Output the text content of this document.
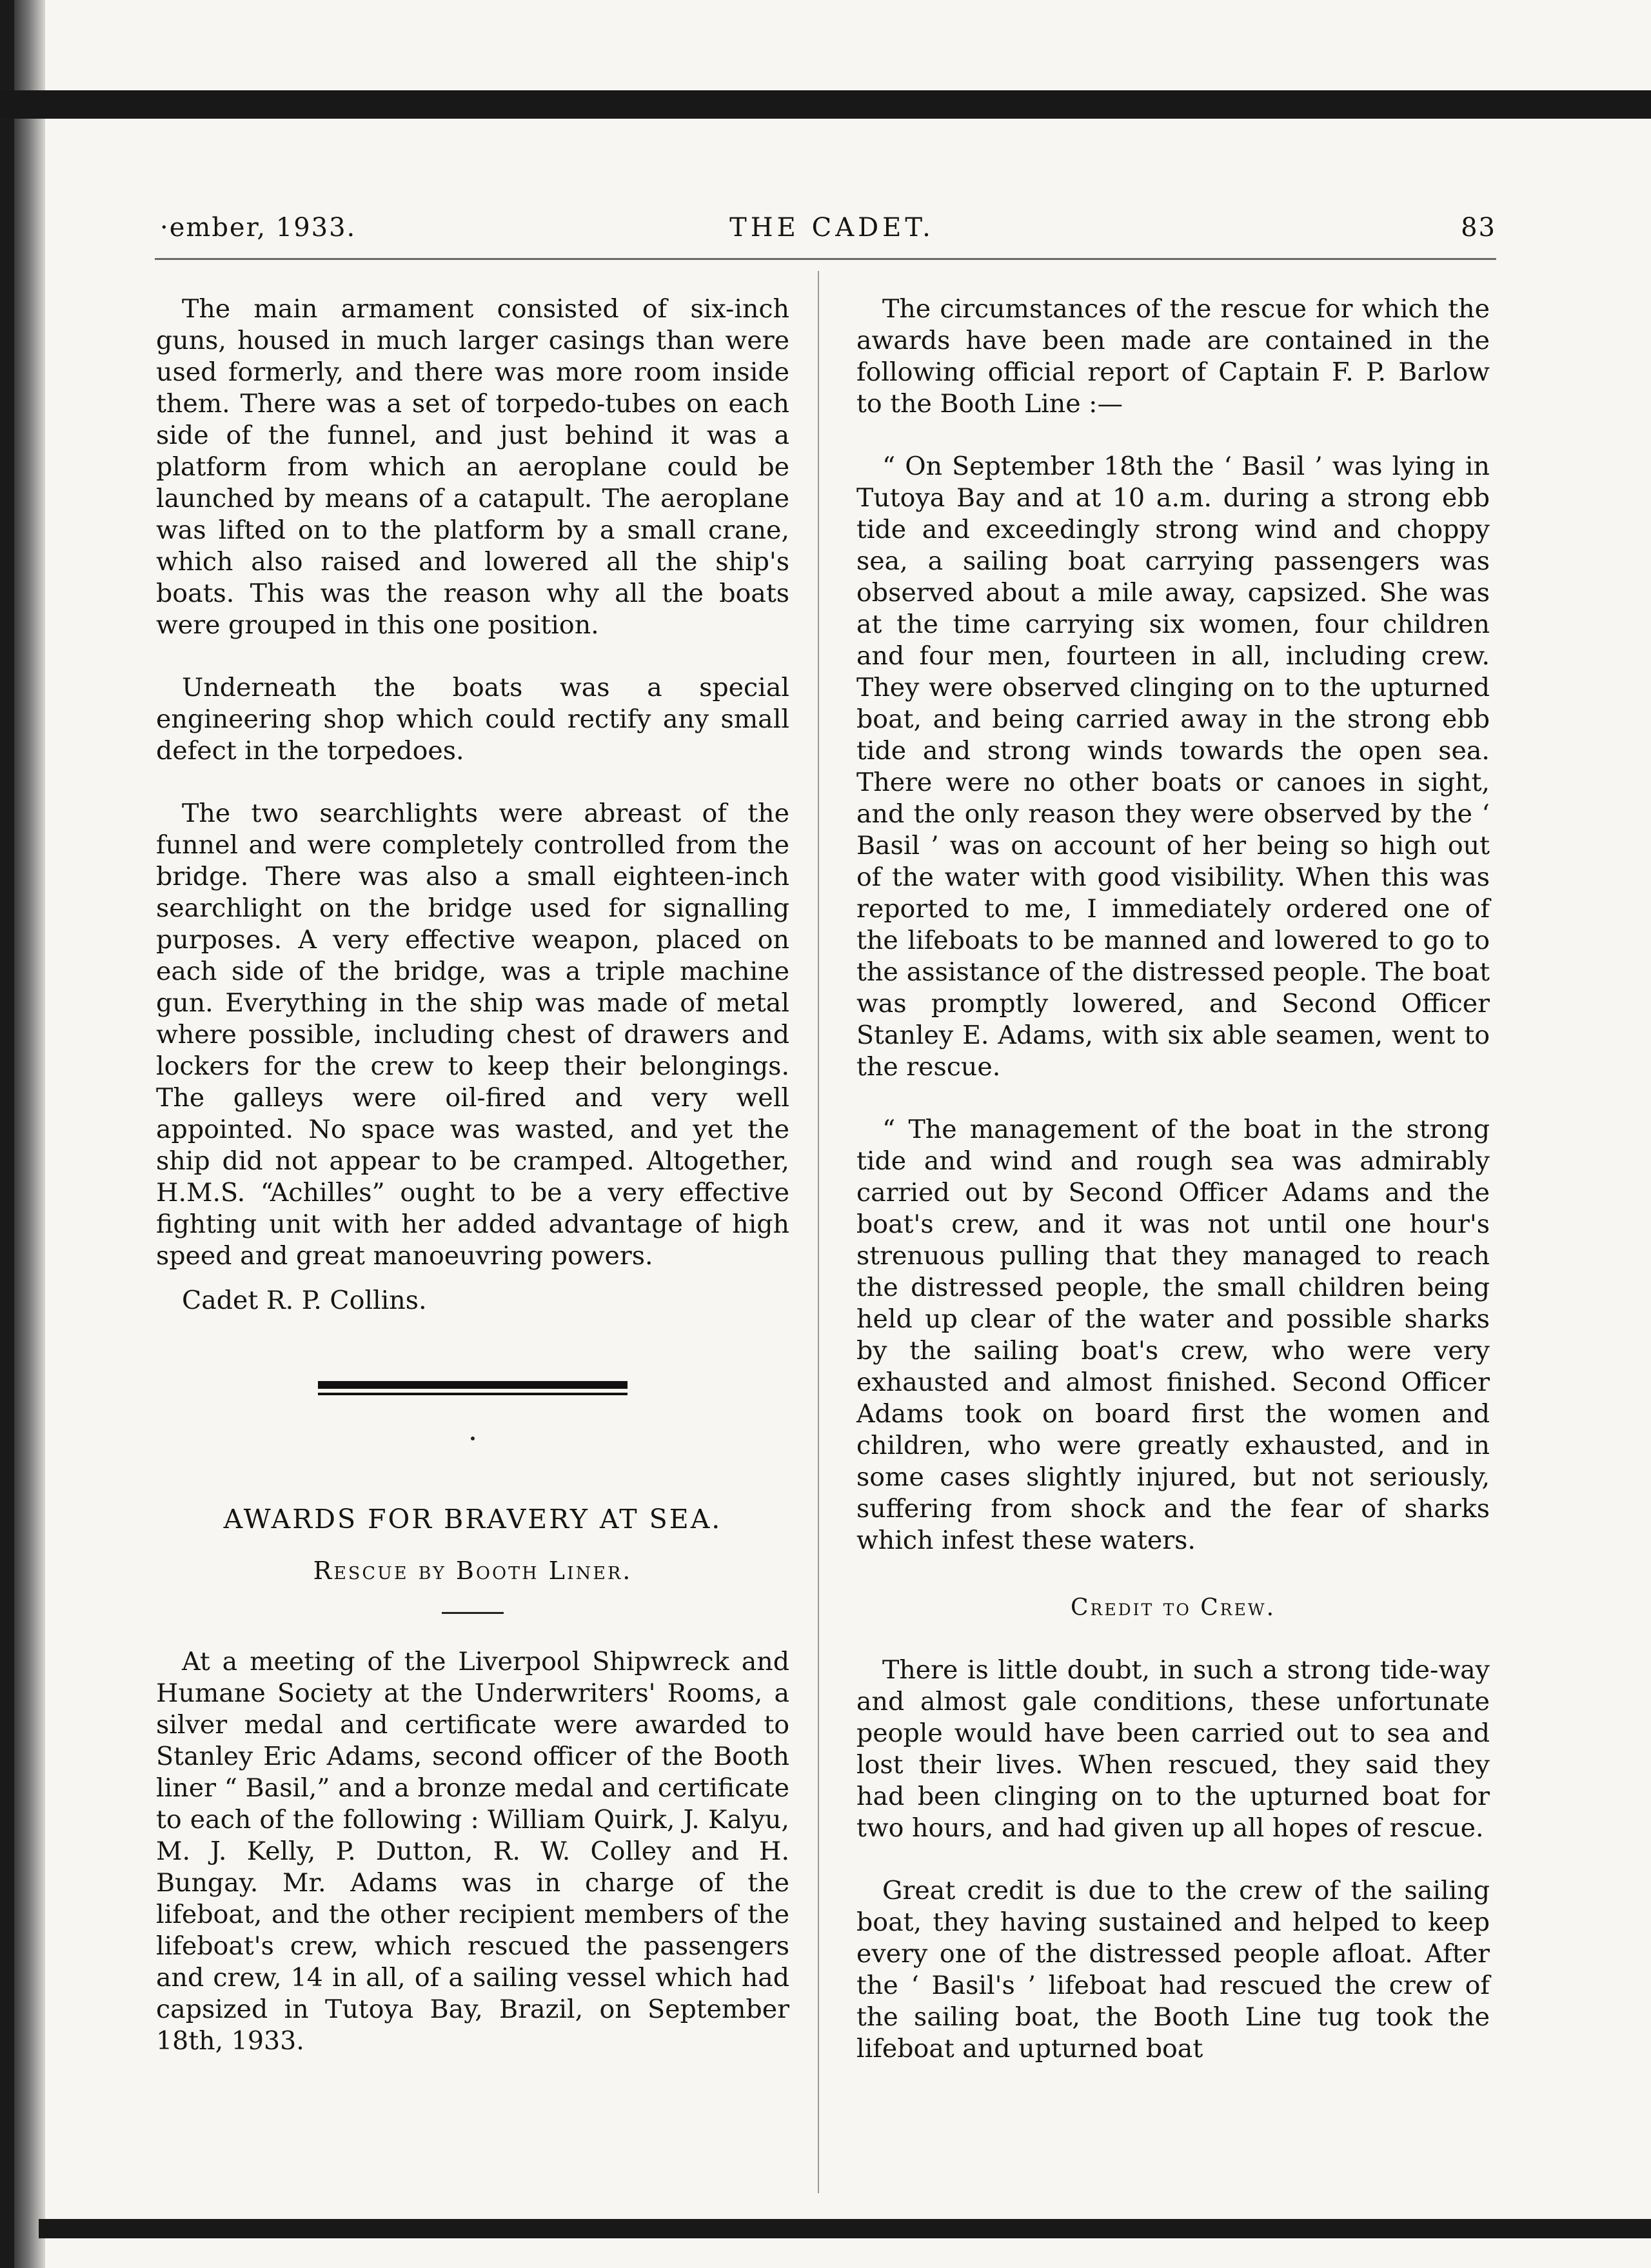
·ember, 1933.	THE CADET.	83

The main armament consisted of six-inch guns, housed in much larger casings than were used formerly, and there was more room inside them. There was a set of torpedo-tubes on each side of the funnel, and just behind it was a platform from which an aeroplane could be launched by means of a catapult. The aeroplane was lifted on to the platform by a small crane, which also raised and lowered all the ship's boats. This was the reason why all the boats were grouped in this one position.

Underneath the boats was a special engineering shop which could rectify any small defect in the torpedoes.

The two searchlights were abreast of the funnel and were completely controlled from the bridge. There was also a small eighteen-inch searchlight on the bridge used for signalling purposes. A very effective weapon, placed on each side of the bridge, was a triple machine gun. Everything in the ship was made of metal where possible, including chest of drawers and lockers for the crew to keep their belongings. The galleys were oil-fired and very well appointed. No space was wasted, and yet the ship did not appear to be cramped. Altogether, H.M.S. “Achilles” ought to be a very effective fighting unit with her added advantage of high speed and great manoeuvring powers.

Cadet R. P. Collins.

AWARDS FOR BRAVERY AT SEA.
Rescue by Booth Liner.

At a meeting of the Liverpool Shipwreck and Humane Society at the Underwriters' Rooms, a silver medal and certificate were awarded to Stanley Eric Adams, second officer of the Booth liner “ Basil,” and a bronze medal and certificate to each of the following : William Quirk, J. Kalyu, M. J. Kelly, P. Dutton, R. W. Colley and H. Bungay. Mr. Adams was in charge of the lifeboat, and the other recipient members of the lifeboat's crew, which rescued the passengers and crew, 14 in all, of a sailing vessel which had capsized in Tutoya Bay, Brazil, on September 18th, 1933.

The circumstances of the rescue for which the awards have been made are contained in the following official report of Captain F. P. Barlow to the Booth Line :—

“ On September 18th the ‘ Basil ’ was lying in Tutoya Bay and at 10 a.m. during a strong ebb tide and exceedingly strong wind and choppy sea, a sailing boat carrying passengers was observed about a mile away, capsized. She was at the time carrying six women, four children and four men, fourteen in all, including crew. They were observed clinging on to the upturned boat, and being carried away in the strong ebb tide and strong winds towards the open sea. There were no other boats or canoes in sight, and the only reason they were observed by the ‘ Basil ’ was on account of her being so high out of the water with good visibility. When this was reported to me, I immediately ordered one of the lifeboats to be manned and lowered to go to the assistance of the distressed people. The boat was promptly lowered, and Second Officer Stanley E. Adams, with six able seamen, went to the rescue.

“ The management of the boat in the strong tide and wind and rough sea was admirably carried out by Second Officer Adams and the boat's crew, and it was not until one hour's strenuous pulling that they managed to reach the distressed people, the small children being held up clear of the water and possible sharks by the sailing boat's crew, who were very exhausted and almost finished. Second Officer Adams took on board first the women and children, who were greatly exhausted, and in some cases slightly injured, but not seriously, suffering from shock and the fear of sharks which infest these waters.

Credit to Crew.

There is little doubt, in such a strong tide-way and almost gale conditions, these unfortunate people would have been carried out to sea and lost their lives. When rescued, they said they had been clinging on to the upturned boat for two hours, and had given up all hopes of rescue.

Great credit is due to the crew of the sailing boat, they having sustained and helped to keep every one of the distressed people afloat. After the ‘ Basil's ’ lifeboat had rescued the crew of the sailing boat, the Booth Line tug took the lifeboat and upturned boat
